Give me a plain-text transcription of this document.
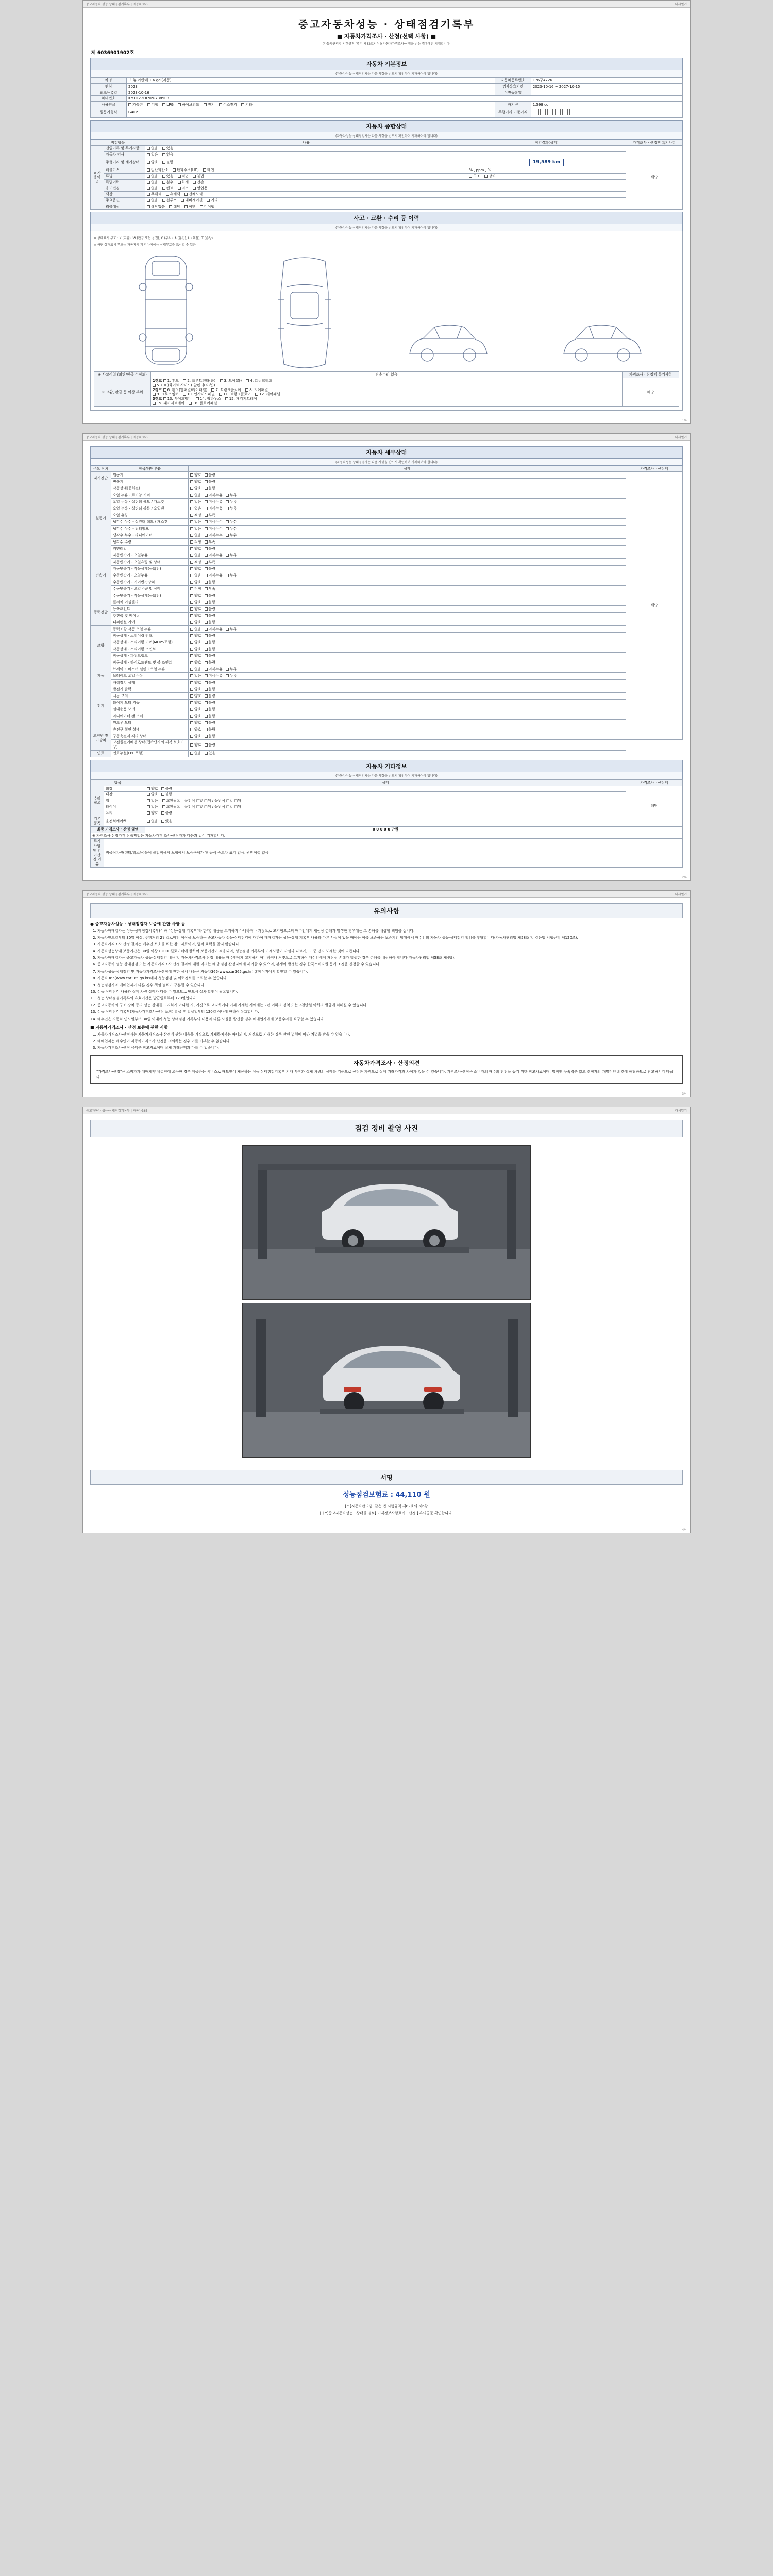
중고자동차 성능·상태점검기록부 | 자동차365	다시열기
중고자동차성능 · 상태점검기록부
■ 자동차가격조사 · 산정(선택 사항) ■
(자동차관리법 시행규칙 [별지 제82호서식]) 자동차가격조사·산정을 받는 경우에만 기재합니다.
제 6036901902호
자동차 기본정보
(자동차성능·상태점검자는 다음 사항을 반드시 확인하여 기재하여야 합니다)
차명	더 뉴 아반떼 1.6 gdi(자동)	자동차등록번호	176구4726
연식	2023	검사유효기간	2023-10-16 ~ 2027-10-15
최초등록일	2023-10-16	이전등록일	
차대번호	KMHLZ2DF9PU738508		
사용연료	가솔린 디젤 LPG 하이브리드 전기 수소전기 기타	배기량	1,598 cc
원동기형식	G4FP	주행거리 기준가격	
자동차 종합상태
(자동차성능·상태점검자는 다음 사항을 반드시 확인하여 기재하여야 합니다)
점검항목		내용	점검결과(상태)	가격조사 · 산정액 특기사항
※ 사용이력	전일기록 및 특기사항	없음 있음		해당
	자동차 검사	없음 있음		
	주행거리 및 계기상태	양호 불량	19,589 km	
	배출가스	일산화탄소 탄화수소(HC) 매연	% , ppm , %	
	튜닝	없음 있음 적법 불법	구조 장치	
	특별이력	없음 침수 화재 전손		
	용도변경	없음 렌트 리스 영업용		
	색상	무채색 유채색 전체도색		
	주요옵션	없음 선루프 내비게이션 기타		
	리콜대상	해당없음 해당 이행 미이행		
사고 · 교환 · 수리 등 이력
(자동차성능·상태점검자는 다음 사항을 반드시 확인하여 기재하여야 합니다)
※ 상태표시 부호 : X (교환), W (판금 또는 용접), C (부식), A (흠집), U (요철), T (손상)
※ 하단 상태표시 부호는 자동차의 기본 차체에는 상태부호를 표시할 수 있음
※ 사고이력 (외판/판금 수정도)	단순수리 없음	가격조사 · 산정액 특기사항
※ 교환, 판금 등 이상 부위	
1랭크 1. 후드 2. 프론트펜더(좌) 3. 도어(좌) 4. 트렁크리드
5. (0C)화이트 사이드( 앞펜더(좌측))
2랭크 6. 휀더(앞패널/리어패널) 7. 트렁크플로어 8. 리어패널
9. 크로스멤버 10. 인사이드패널 11. 트렁크플로어 12. 리어패널
3랭크 13. 사이드멤버 14. 휠하우스 15. 패키지트레이
15. 패키지트레이 16. 플로어패널
	해당
1/4
중고자동차 성능·상태점검기록부 | 자동차365	다시열기
자동차 세부상태
(자동차성능·상태점검자는 다음 사항을 반드시 확인하여 기재하여야 합니다)
주요 장치	항목/해당부품	상태	가격조사 · 산정액
자기진단	원동기	양호 불량	해당
	변속기	양호 불량	
원동기	작동상태(공회전)	양호 불량	
	오일 누유 - 로커암 커버	없음 미세누유 누유	
	오일 누유 - 실린더 헤드 / 개스킷	없음 미세누유 누유	
	오일 누유 - 실린더 블록 / 오일팬	없음 미세누유 누유	
	오일 유량	적정 부족	
	냉각수 누수 - 실린더 헤드 / 개스킷	없음 미세누수 누수	
	냉각수 누수 - 워터펌프	없음 미세누수 누수	
	냉각수 누수 - 라디에이터	없음 미세누수 누수	
	냉각수 수량	적정 부족	
	커먼레일	양호 불량	
변속기	자동변속기 - 오일누유	없음 미세누유 누유	
	자동변속기 - 오일유량 및 상태	적정 부족	
	자동변속기 - 작동상태(공회전)	양호 불량	
	수동변속기 - 오일누유	없음 미세누유 누유	
	수동변속기 - 기어변속장치	양호 불량	
	수동변속기 - 오일유량 및 상태	적정 부족	
	수동변속기 - 작동상태(공회전)	양호 불량	
동력전달	클러치 어셈블리	양호 불량	
	등속조인트	양호 불량	
	추진축 및 베어링	양호 불량	
	디퍼렌셜 기어	양호 불량	
조향	동력조향 작동 오일 누유	없음 미세누유 누유	
	작동상태 - 스티어링 펌프	양호 불량	
	작동상태 - 스티어링 기어(MDPS포함)	양호 불량	
	작동상태 - 스티어링 조인트	양호 불량	
	작동상태 - 파워크랭크	양호 불량	
	작동상태 - 타이로드엔드 및 볼 조인트	양호 불량	
제동	브레이크 마스터 실린더오일 누유	없음 미세누유 누유	
	브레이크 오일 누유	없음 미세누유 누유	
	배력장치 상태	양호 불량	
전기	발전기 출력	양호 불량	
	시동 모터	양호 불량	
	와이퍼 모터 기능	양호 불량	
	실내송풍 모터	양호 불량	
	라디에이터 팬 모터	양호 불량	
	윈도우 모터	양호 불량	
고전원 전기장치	충전구 절연 상태	양호 불량	
	구동축전지 격리 상태	양호 불량	
	고전원전기배선 상태(접속단자의 피복,보호기구)	양호 불량	
연료	연료누설(LPG포함)	없음 있음	
자동차 기타정보
(자동차성능·상태점검자는 다음 사항을 반드시 확인하여 기재하여야 합니다)
항목		상태	가격조사 · 산정액
수리필요	외장	양호 불량	해당
	내장	양호 불량	
	휠	없음 교환필요 운전석 □앞 □뒤 / 동반석 □앞 □뒤	
	타이어	없음 교환필요 운전석 □앞 □뒤 / 동반석 □앞 □뒤	
	유리	양호 불량	
기본품목	운전석에어백	없음 있음	
최종 가격조사 · 산정 금액		0 0 0 0 0 만원	
※ 가격조사·산정가격 산출방법은 자동차가격 조사·산정자가 다음과 같이 기재합니다.			
특기사항 및 감가산정 이유	비공식차량(렌터/리스등)을에 불법적용시 보험에서 보증구제가 된 공식 중고차 표기 없음, 광비이력 없음		
2/4
중고자동차 성능·상태점검기록부 | 자동차365	다시열기
유의사항
● 중고자동차성능 · 상태점검자 보증에 관한 사항 등
1. 자동차매매업자는 성능·상태점검기록부(이하 "성능·상태 기록부"라 한다) 내용을 고지하지 아니하거나 거짓으로 고지함으로써 매수인에게 재산상 손해가 발생한 경우에는 그 손해를 배상할 책임을 집니다.
2. 자동차인도일부터 30일 이상, 주행거리 2천킬로미터 이상을 보증하는 중고자동차 성능·상태점검에 대하여 매매업자는 성능·상태 기록부 내용과 다른 사실이 있을 때에는 이를 보증하는 보증기간 범위에서 매수인의 자동차 성능·상태점검 책임을 부담합니다(자동차관리법 제58조 및 같은법 시행규칙 제120조).
3. 자동차가격조사·산정 결과는 매수인 보호를 위한 참고자료이며, 법적 효력을 갖지 않습니다.
4. 자동차성능상태 보증기간은 30일 이상 / 2000킬로미터에 한하여 보증기간이 적용되며, 성능점검 기록부의 기재사항이 사실과 다르게, 그 중 먼저 도래한 것에 따릅니다.
5. 자동차매매업자는 중고자동차 성능·상태점검 내용 및 자동차가격조사·산정 내용을 매수인에게 고지하지 아니하거나 거짓으로 고지하여 매수인에게 재산상 손해가 발생한 경우 손해를 배상해야 합니다(자동차관리법 제58조 제4항).
6. 중고자동차 성능·상태점검 또는 자동차가격조사·산정 결과에 대한 이의는 해당 점검·산정자에게 제기할 수 있으며, 분쟁이 발생한 경우 한국소비자원 등에 조정을 신청할 수 있습니다.
7. 자동차성능·상태점검 및 자동차가격조사·산정에 관한 상세 내용은 자동차365(www.car365.go.kr) 홈페이지에서 확인할 수 있습니다.
8. 자동차365(www.car365.go.kr)에서 성능점검 및 이력정보를 조회할 수 있습니다.
9. 성능점검자와 매매업자가 다른 경우 책임 범위가 구분될 수 있습니다.
10. 성능·상태점검 내용과 실제 차량 상태가 다를 수 있으므로 반드시 실차 확인이 필요합니다.
11. 성능·상태점검기록부의 유효기간은 발급일로부터 120일입니다.
12. 중고자동차의 구조·장치 등의 성능·상태를 고지하지 아니한 자, 거짓으로 고지하거나 기재 기재한 자에게는 2년 이하의 징역 또는 2천만원 이하의 벌금에 처해질 수 있습니다.
13. 성능·상태점검기록부(자동차가격조사·산정 포함) 발급 후 발급일부터 120일 이내에 한하여 유효합니다.
14. 매수인은 자동차 인도일부터 30일 이내에 성능·상태점검 기록부의 내용과 다른 사실을 발견한 경우 매매업자에게 보증수리를 요구할 수 있습니다.
■ 자동차가격조사 · 산정 보증에 관한 사항
1. 자동차가격조사·산정자는 자동차가격조사·산정에 관한 내용을 거짓으로 기재하여서는 아니되며, 거짓으로 기재한 경우 관련 법령에 따라 처벌을 받을 수 있습니다.
2. 매매업자는 매수인이 자동차가격조사·산정을 의뢰하는 경우 이를 거부할 수 없습니다.
3. 자동차가격조사·산정 금액은 참고자료이며 실제 거래금액과 다를 수 있습니다.
자동차가격조사 · 산정의견
"가격조사·산정"은 소비자가 매매계약 체결전에 요구한 경우 제공하는 서비스로 매도인이 제공하는 성능·상태점검기록부 기재 사항과 실제 차량의 상태를 기준으로 산정한 가격으로 실제 거래가격과 차이가 있을 수 있습니다. 가격조사·산정은 소비자의 매수의 판단을 돕기 위한 참고자료이며, 법적인 구속력은 없고 산정자의 개별적인 의견에 해당하므로 참고하시기 바랍니다.
3/4
중고자동차 성능·상태점검기록부 | 자동차365	다시열기
점검 정비 촬영 사진
서명
성능점검보험료 : 44,110 원
[ㄱ]자동차관리법, 같은 법 시행규칙 제82호의 제6항
[ㅣY]중고자동차성능 · 상태를 검토[ 기재정보사항표시 · 산정 ] 유의공문 확인합니다.
4/4
